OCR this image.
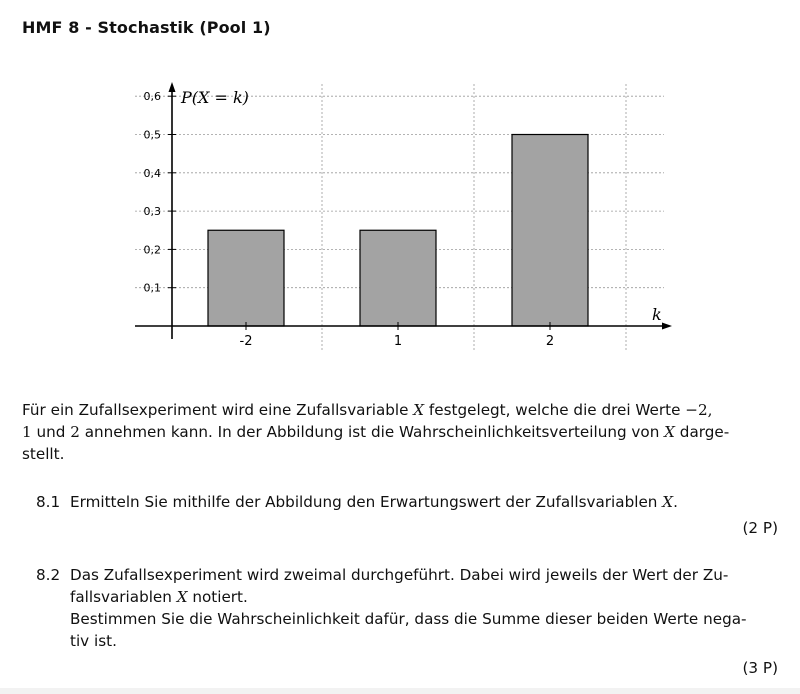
HMF 8 - Stochastik (Pool 1)
0,1
0,2
0,3
0,4
0,5
0,6
-2	1	2
P(X = k)
k
Für ein Zufallsexperiment wird eine Zufallsvariable X festgelegt, welche die drei Werte −2,
1 und 2 annehmen kann. In der Abbildung ist die Wahrscheinlichkeitsverteilung von X darge-
stellt.
8.1 Ermitteln Sie mithilfe der Abbildung den Erwartungswert der Zufallsvariablen X.
(2 P)
8.2 Das Zufallsexperiment wird zweimal durchgeführt. Dabei wird jeweils der Wert der Zu-
fallsvariablen X notiert.
Bestimmen Sie die Wahrscheinlichkeit dafür, dass die Summe dieser beiden Werte nega-
tiv ist.
(3 P)
